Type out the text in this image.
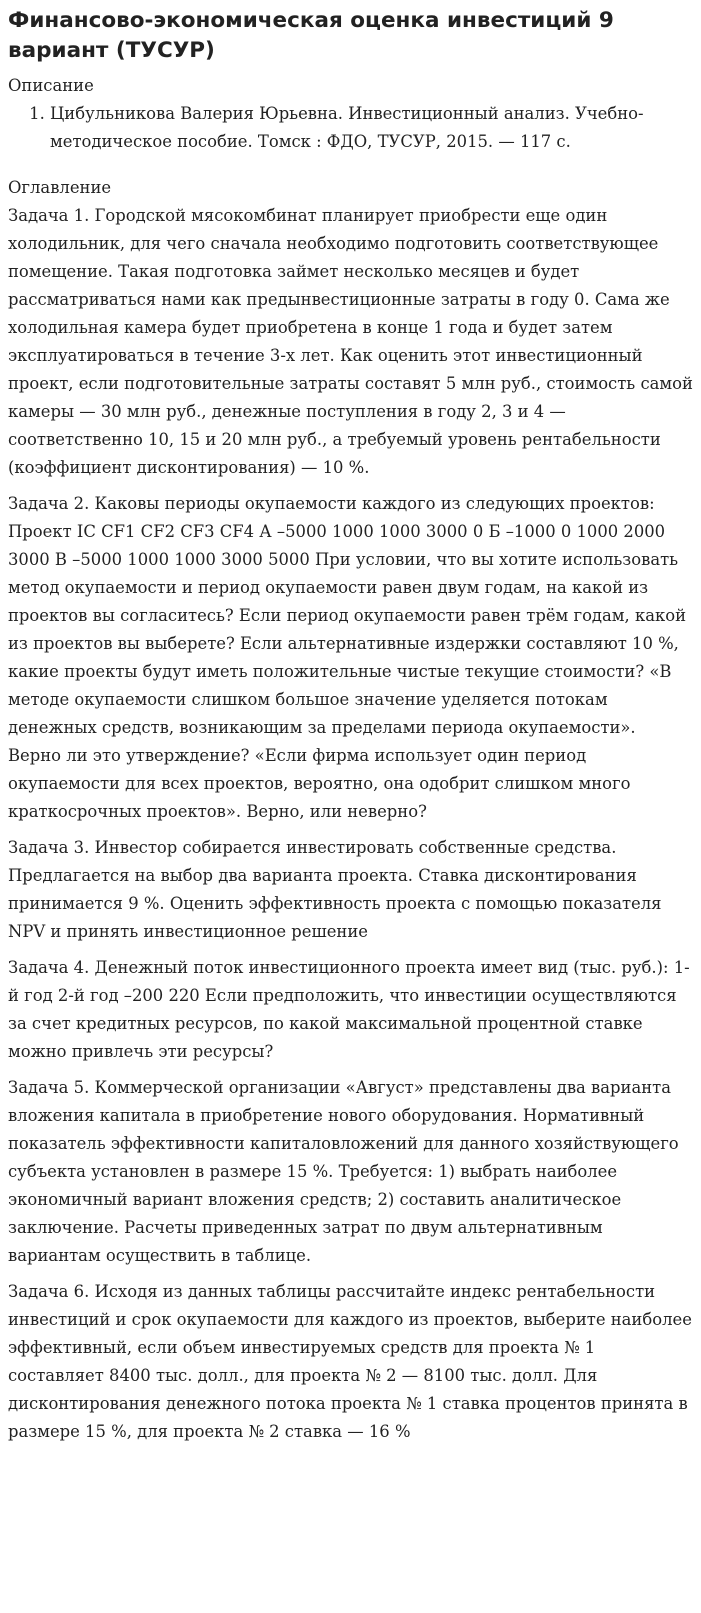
Финансово-экономическая оценка инвестиций 9 вариант (ТУСУР)
Описание
1. Цибульникова Валерия Юрьевна. Инвестиционный анализ. Учебно-методическое пособие. Томск : ФДО, ТУСУР, 2015. — 117 с.
Оглавление

Задача 1. Городской мясокомбинат планирует приобрести еще один холодильник, для чего сначала необходимо подготовить соответствующее помещение. Такая подготовка займет несколько месяцев и будет рассматриваться нами как предынвестиционные затраты в году 0. Сама же холодильная камера будет приобретена в конце 1 года и будет затем эксплуатироваться в течение 3-х лет. Как оценить этот инвестиционный проект, если подготовительные затраты составят 5 млн руб., стоимость самой камеры — 30 млн руб., денежные поступления в году 2, 3 и 4 — соответственно 10, 15 и 20 млн руб., а требуемый уровень рентабельности (коэффициент дисконтирования) — 10 %.

Задача 2. Каковы периоды окупаемости каждого из следующих проектов: Проект IC CF1 CF2 CF3 CF4 А –5000 1000 1000 3000 0 Б –1000 0 1000 2000 3000 В –5000 1000 1000 3000 5000 При условии, что вы хотите использовать метод окупаемости и период окупаемости равен двум годам, на какой из проектов вы согласитесь? Если период окупаемости равен трём годам, какой из проектов вы выберете? Если альтернативные издержки составляют 10 %, какие проекты будут иметь положительные чистые текущие стоимости? «В методе окупаемости слишком большое значение уделяется потокам денежных средств, возникающим за пределами периода окупаемости». Верно ли это утверждение? «Если фирма использует один период окупаемости для всех проектов, вероятно, она одобрит слишком много краткосрочных проектов». Верно, или неверно?

Задача 3. Инвестор собирается инвестировать собственные средства. Предлагается на выбор два варианта проекта. Ставка дисконтирования принимается 9 %. Оценить эффективность проекта с помощью показателя NPV и принять инвестиционное решение

Задача 4. Денежный поток инвестиционного проекта имеет вид (тыс. руб.): 1-й год 2-й год –200 220 Если предположить, что инвестиции осуществляются за счет кредитных ресурсов, по какой максимальной процентной ставке можно привлечь эти ресурсы?

Задача 5. Коммерческой организации «Август» представлены два варианта вложения капитала в приобретение нового оборудования. Нормативный показатель эффективности капиталовложений для данного хозяйствующего субъекта установлен в размере 15 %. Требуется: 1) выбрать наиболее экономичный вариант вложения средств; 2) составить аналитическое заключение. Расчеты приведенных затрат по двум альтернативным вариантам осуществить в таблице.

Задача 6. Исходя из данных таблицы рассчитайте индекс рентабельности инвестиций и срок окупаемости для каждого из проектов, выберите наиболее эффективный, если объем инвестируемых средств для проекта № 1 составляет 8400 тыс. долл., для проекта № 2 — 8100 тыс. долл. Для дисконтирования денежного потока проекта № 1 ставка процентов принята в размере 15 %, для проекта № 2 ставка — 16 %
